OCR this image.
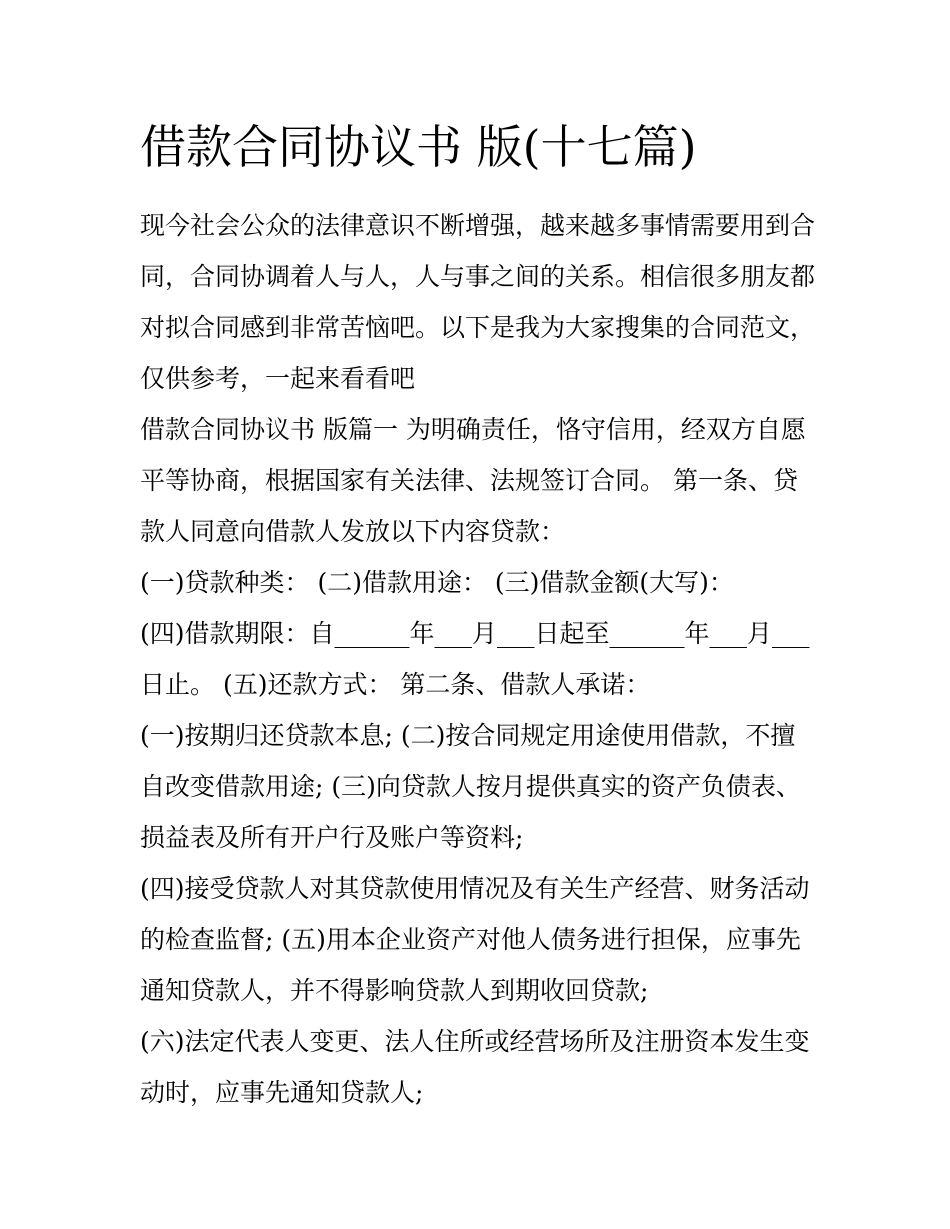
借款合同协议书 版(十七篇)
现今社会公众的法律意识不断增强，越来越多事情需要用到合
同，合同协调着人与人，人与事之间的关系。相信很多朋友都
对拟合同感到非常苦恼吧。以下是我为大家搜集的合同范文，
仅供参考，一起来看看吧
借款合同协议书 版篇一 为明确责任，恪守信用，经双方自愿
平等协商，根据国家有关法律、法规签订合同。 第一条、贷
款人同意向借款人发放以下内容贷款：
(一)贷款种类： (二)借款用途： (三)借款金额(大写)：
(四)借款期限：自______年___月___日起至______年___月___
日止。 (五)还款方式： 第二条、借款人承诺：
(一)按期归还贷款本息; (二)按合同规定用途使用借款，不擅
自改变借款用途; (三)向贷款人按月提供真实的资产负债表、
损益表及所有开户行及账户等资料;
(四)接受贷款人对其贷款使用情况及有关生产经营、财务活动
的检查监督; (五)用本企业资产对他人债务进行担保，应事先
通知贷款人，并不得影响贷款人到期收回贷款;
(六)法定代表人变更、法人住所或经营场所及注册资本发生变
动时，应事先通知贷款人;
